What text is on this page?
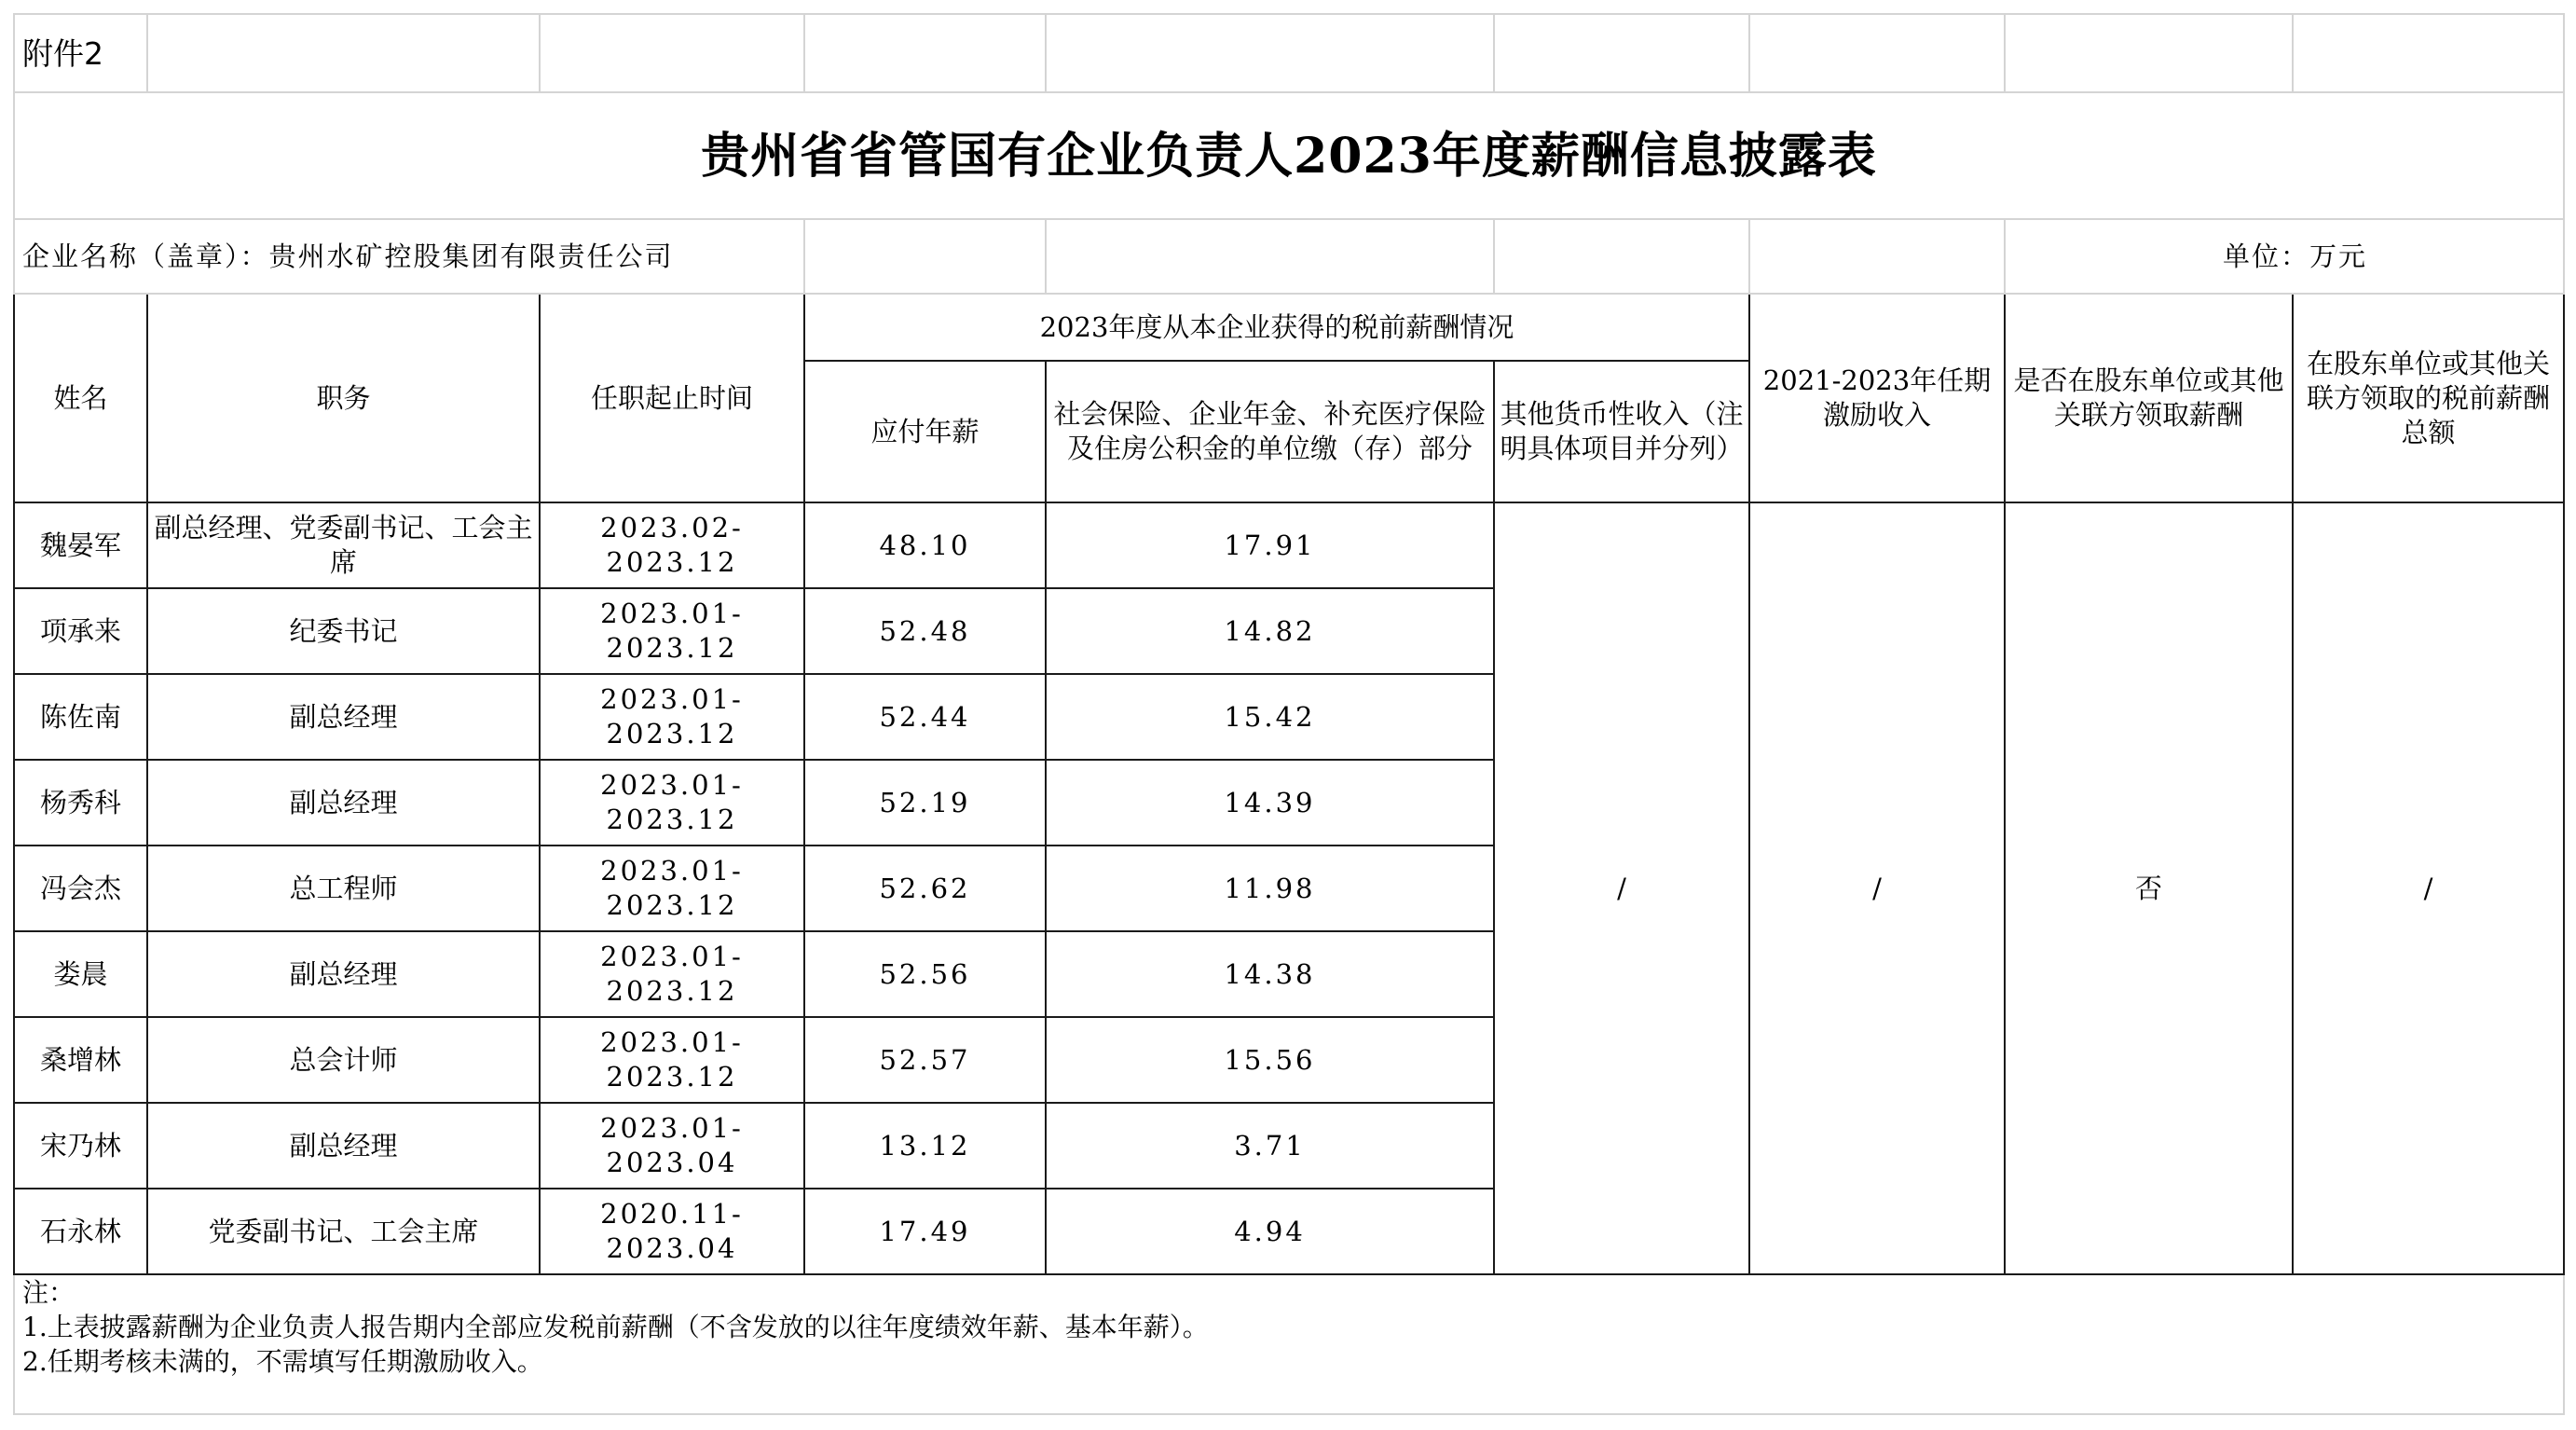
附件2								
贵州省省管国有企业负责人2023年度薪酬信息披露表								
企业名称（盖章）：贵州水矿控股集团有限责任公司							单位：万元	
姓名	职务	任职起止时间	2023年度从本企业获得的税前薪酬情况			2021-2023年任期激励收入	是否在股东单位或其他关联方领取薪酬	在股东单位或其他关联方领取的税前薪酬总额
			应付年薪	社会保险、企业年金、补充医疗保险及住房公积金的单位缴（存）部分	其他货币性收入（注明具体项目并分列）			
魏晏军	副总经理、党委副书记、工会主席	2023.02-2023.12	48.10	17.91	/	/	否	/
项承来	纪委书记	2023.01-2023.12	52.48	14.82				
陈佐南	副总经理	2023.01-2023.12	52.44	15.42				
杨秀科	副总经理	2023.01-2023.12	52.19	14.39				
冯会杰	总工程师	2023.01-2023.12	52.62	11.98				
娄晨	副总经理	2023.01-2023.12	52.56	14.38				
桑增林	总会计师	2023.01-2023.12	52.57	15.56				
宋乃林	副总经理	2023.01-2023.04	13.12	3.71				
石永林	党委副书记、工会主席	2020.11-2023.04	17.49	4.94				

注：
1.上表披露薪酬为企业负责人报告期内全部应发税前薪酬（不含发放的以往年度绩效年薪、基本年薪）。
2.任期考核未满的，不需填写任期激励收入。								
